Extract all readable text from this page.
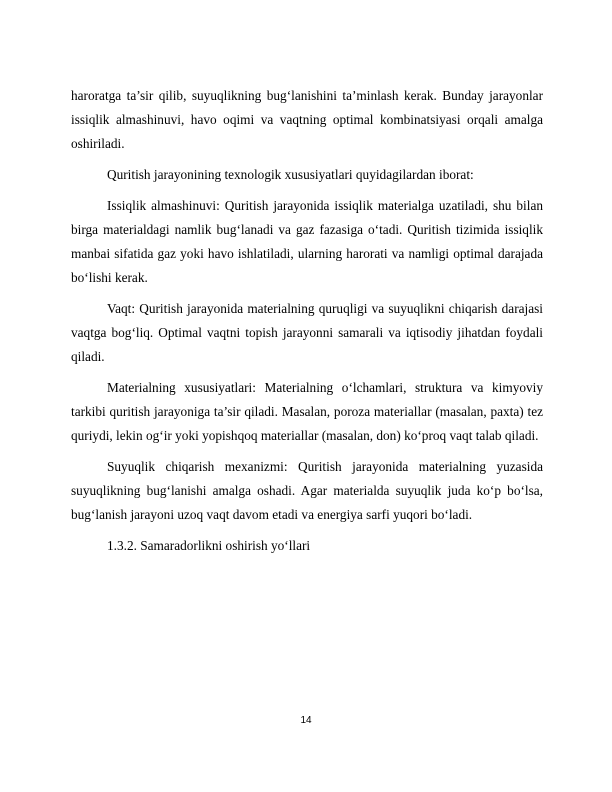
haroratga ta’sir qilib, suyuqlikning bug‘lanishini ta’minlash kerak. Bunday jarayonlar issiqlik almashinuvi, havo oqimi va vaqtning optimal kombinatsiyasi orqali amalga oshiriladi.

Quritish jarayonining texnologik xususiyatlari quyidagilardan iborat:

Issiqlik almashinuvi: Quritish jarayonida issiqlik materialga uzatiladi, shu bilan birga materialdagi namlik bug‘lanadi va gaz fazasiga o‘tadi. Quritish tizimida issiqlik manbai sifatida gaz yoki havo ishlatiladi, ularning harorati va namligi optimal darajada bo‘lishi kerak.

Vaqt: Quritish jarayonida materialning quruqligi va suyuqlikni chiqarish darajasi vaqtga bog‘liq. Optimal vaqtni topish jarayonni samarali va iqtisodiy jihatdan foydali qiladi.

Materialning xususiyatlari: Materialning o‘lchamlari, struktura va kimyoviy tarkibi quritish jarayoniga ta’sir qiladi. Masalan, poroza materiallar (masalan, paxta) tez quriydi, lekin og‘ir yoki yopishqoq materiallar (masalan, don) ko‘proq vaqt talab qiladi.

Suyuqlik chiqarish mexanizmi: Quritish jarayonida materialning yuzasida suyuqlikning bug‘lanishi amalga oshadi. Agar materialda suyuqlik juda ko‘p bo‘lsa, bug‘lanish jarayoni uzoq vaqt davom etadi va energiya sarfi yuqori bo‘ladi.

1.3.2. Samaradorlikni oshirish yo‘llari

14
